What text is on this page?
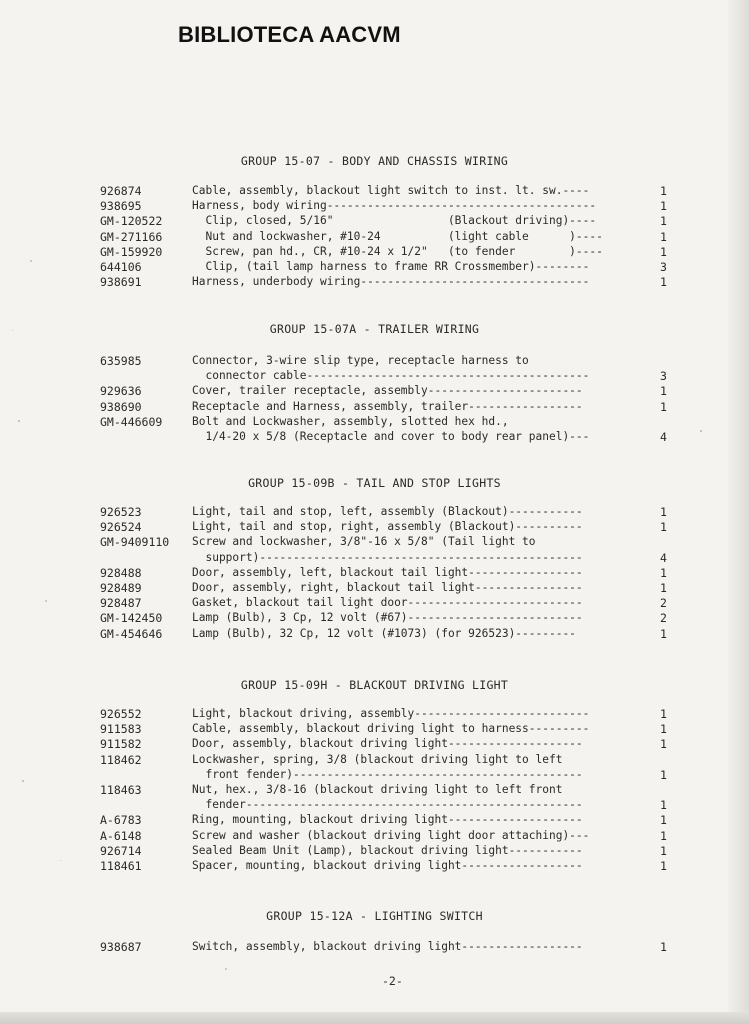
BIBLIOTECA AACVM
GROUP 15-07 - BODY AND CHASSIS WIRING
926874	Cable, assembly, blackout light switch to inst. lt. sw.----	1
938695	Harness, body wiring----------------------------------------	1
GM-120522	Clip, closed, 5/16"                 (Blackout driving)----	1
GM-271166	Nut and lockwasher, #10-24          (light cable      )----	1
GM-159920	Screw, pan hd., CR, #10-24 x 1/2"   (to fender        )----	1
644106	Clip, (tail lamp harness to frame RR Crossmember)--------	3
938691	Harness, underbody wiring----------------------------------	1
GROUP 15-07A - TRAILER WIRING
635985	Connector, 3-wire slip type, receptacle harness to
connector cable------------------------------------------	3
929636	Cover, trailer receptacle, assembly-----------------------	1
938690	Receptacle and Harness, assembly, trailer-----------------	1
GM-446609	Bolt and Lockwasher, assembly, slotted hex hd.,
1/4-20 x 5/8 (Receptacle and cover to body rear panel)---	4
GROUP 15-09B - TAIL AND STOP LIGHTS
926523	Light, tail and stop, left, assembly (Blackout)-----------	1
926524	Light, tail and stop, right, assembly (Blackout)----------	1
GM-9409110 Screw and lockwasher, 3/8"-16 x 5/8" (Tail light to
support)------------------------------------------------	4
928488	Door, assembly, left, blackout tail light-----------------	1
928489	Door, assembly, right, blackout tail light----------------	1
928487	Gasket, blackout tail light door--------------------------	2
GM-142450	Lamp (Bulb), 3 Cp, 12 volt (#67)--------------------------	2
GM-454646	Lamp (Bulb), 32 Cp, 12 volt (#1073) (for 926523)---------	1
GROUP 15-09H - BLACKOUT DRIVING LIGHT
926552	Light, blackout driving, assembly--------------------------	1
911583	Cable, assembly, blackout driving light to harness---------	1
911582	Door, assembly, blackout driving light--------------------	1
118462	Lockwasher, spring, 3/8 (blackout driving light to left
front fender)-------------------------------------------	1
118463	Nut, hex., 3/8-16 (blackout driving light to left front
fender--------------------------------------------------	1
A-6783	Ring, mounting, blackout driving light--------------------	1
A-6148	Screw and washer (blackout driving light door attaching)---	1
926714	Sealed Beam Unit (Lamp), blackout driving light-----------	1
118461	Spacer, mounting, blackout driving light------------------	1
GROUP 15-12A - LIGHTING SWITCH
938687	Switch, assembly, blackout driving light------------------	1
-2-
